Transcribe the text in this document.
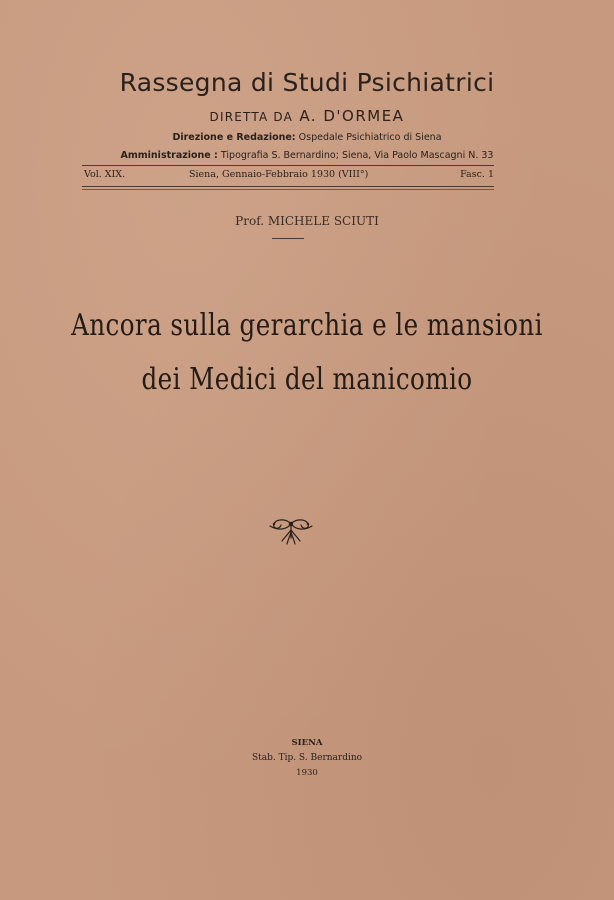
Rassegna di Studi Psichiatrici
DIRETTA DA A. D'ORMEA
Direzione e Redazione: Ospedale Psichiatrico di Siena
Amministrazione : Tipografia S. Bernardino; Siena, Via Paolo Mascagni N. 33
Vol. XIX.	Siena, Gennaio-Febbraio 1930 (VIII°)	Fasc. 1
Prof. MICHELE SCIUTI
Ancora sulla gerarchia e le mansioni
dei Medici del manicomio
SIENA
Stab. Tip. S. Bernardino
1930
